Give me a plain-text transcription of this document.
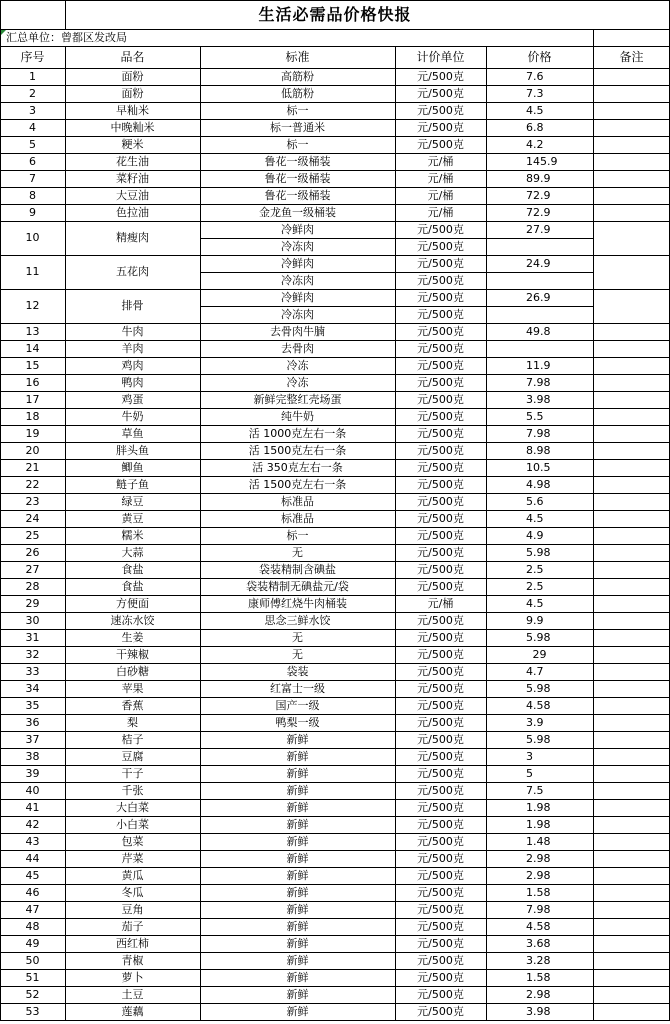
生活必需品价格快报
汇总单位：曾都区发改局
序号	品名	标准	计价单位	价格	备注
1	面粉	高筋粉	元/500克	7.6
2	面粉	低筋粉	元/500克	7.3
3	早籼米	标一	元/500克	4.5
4	中晚籼米	标一普通米	元/500克	6.8
5	粳米	标一	元/500克	4.2
6	花生油	鲁花一级桶装	元/桶	145.9
7	菜籽油	鲁花一级桶装	元/桶	89.9
8	大豆油	鲁花一级桶装	元/桶	72.9
9	色拉油	金龙鱼一级桶装	元/桶	72.9
10	精瘦肉
冷鲜肉	元/500克	27.9
冷冻肉	元/500克
11	五花肉
冷鲜肉	元/500克	24.9
冷冻肉	元/500克
12	排骨
冷鲜肉	元/500克	26.9
冷冻肉	元/500克
13	牛肉	去骨肉牛腩	元/500克	49.8
14	羊肉	去骨肉	元/500克
15	鸡肉	冷冻	元/500克	11.9
16	鸭肉	冷冻	元/500克	7.98
17	鸡蛋	新鲜完整红壳场蛋	元/500克	3.98
18	牛奶	纯牛奶	元/500克	5.5
19	草鱼	活 1000克左右一条	元/500克	7.98
20	胖头鱼	活 1500克左右一条	元/500克	8.98
21	鲫鱼	活 350克左右一条	元/500克	10.5
22	鲢子鱼	活 1500克左右一条	元/500克	4.98
23	绿豆	标准品	元/500克	5.6
24	黄豆	标准品	元/500克	4.5
25	糯米	标一	元/500克	4.9
26	大蒜	无	元/500克	5.98
27	食盐	袋装精制含碘盐	元/500克	2.5
28	食盐	袋装精制无碘盐元/袋	元/500克	2.5
29	方便面	康师傅红烧牛肉桶装	元/桶	4.5
30	速冻水饺	思念三鲜水饺	元/500克	9.9
31	生姜	无	元/500克	5.98
32	干辣椒	无	元/500克	29
33	白砂糖	袋装	元/500克	4.7
34	苹果	红富士一级	元/500克	5.98
35	香蕉	国产一级	元/500克	4.58
36	梨	鸭梨一级	元/500克	3.9
37	桔子	新鲜	元/500克	5.98
38	豆腐	新鲜	元/500克	3
39	干子	新鲜	元/500克	5
40	千张	新鲜	元/500克	7.5
41	大白菜	新鲜	元/500克	1.98
42	小白菜	新鲜	元/500克	1.98
43	包菜	新鲜	元/500克	1.48
44	芹菜	新鲜	元/500克	2.98
45	黄瓜	新鲜	元/500克	2.98
46	冬瓜	新鲜	元/500克	1.58
47	豆角	新鲜	元/500克	7.98
48	茄子	新鲜	元/500克	4.58
49	西红柿	新鲜	元/500克	3.68
50	青椒	新鲜	元/500克	3.28
51	萝卜	新鲜	元/500克	1.58
52	土豆	新鲜	元/500克	2.98
53	莲藕	新鲜	元/500克	3.98
